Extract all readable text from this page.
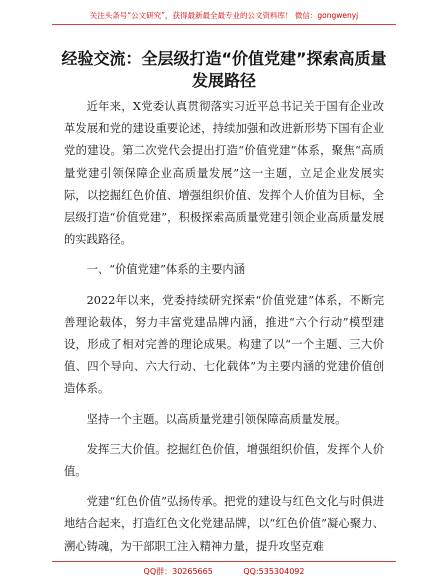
关注头条号“公文研究”，获得最新最全最专业的公文资料库！ 微信：gongwenyj
经验交流：全层级打造“价值党建”探索高质量发展路径

近年来，X党委认真贯彻落实习近平总书记关于国有企业改革发展和党的建设重要论述，持续加强和改进新形势下国有企业党的建设。第二次党代会提出打造“价值党建”体系，聚焦“高质量党建引领保障企业高质量发展”这一主题，立足企业发展实际，以挖掘红色价值、增强组织价值、发挥个人价值为目标，全层级打造“价值党建”，积极探索高质量党建引领企业高质量发展的实践路径。

一、“价值党建”体系的主要内涵

2022年以来，党委持续研究探索“价值党建”体系，不断完善理论载体，努力丰富党建品牌内涵，推进“六个行动”模型建设，形成了相对完善的理论成果。构建了以“一个主题、三大价值、四个导向、六大行动、七化载体”为主要内涵的党建价值创造体系。

坚持一个主题。以高质量党建引领保障高质量发展。

发挥三大价值。挖掘红色价值，增强组织价值，发挥个人价值。

党建“红色价值”弘扬传承。把党的建设与红色文化与时俱进地结合起来，打造红色文化党建品牌，以“红色价值”凝心聚力、溯心铸魂，为干部职工注入精神力量，提升攻坚克难

QQ群：30265665	QQ:535304092
